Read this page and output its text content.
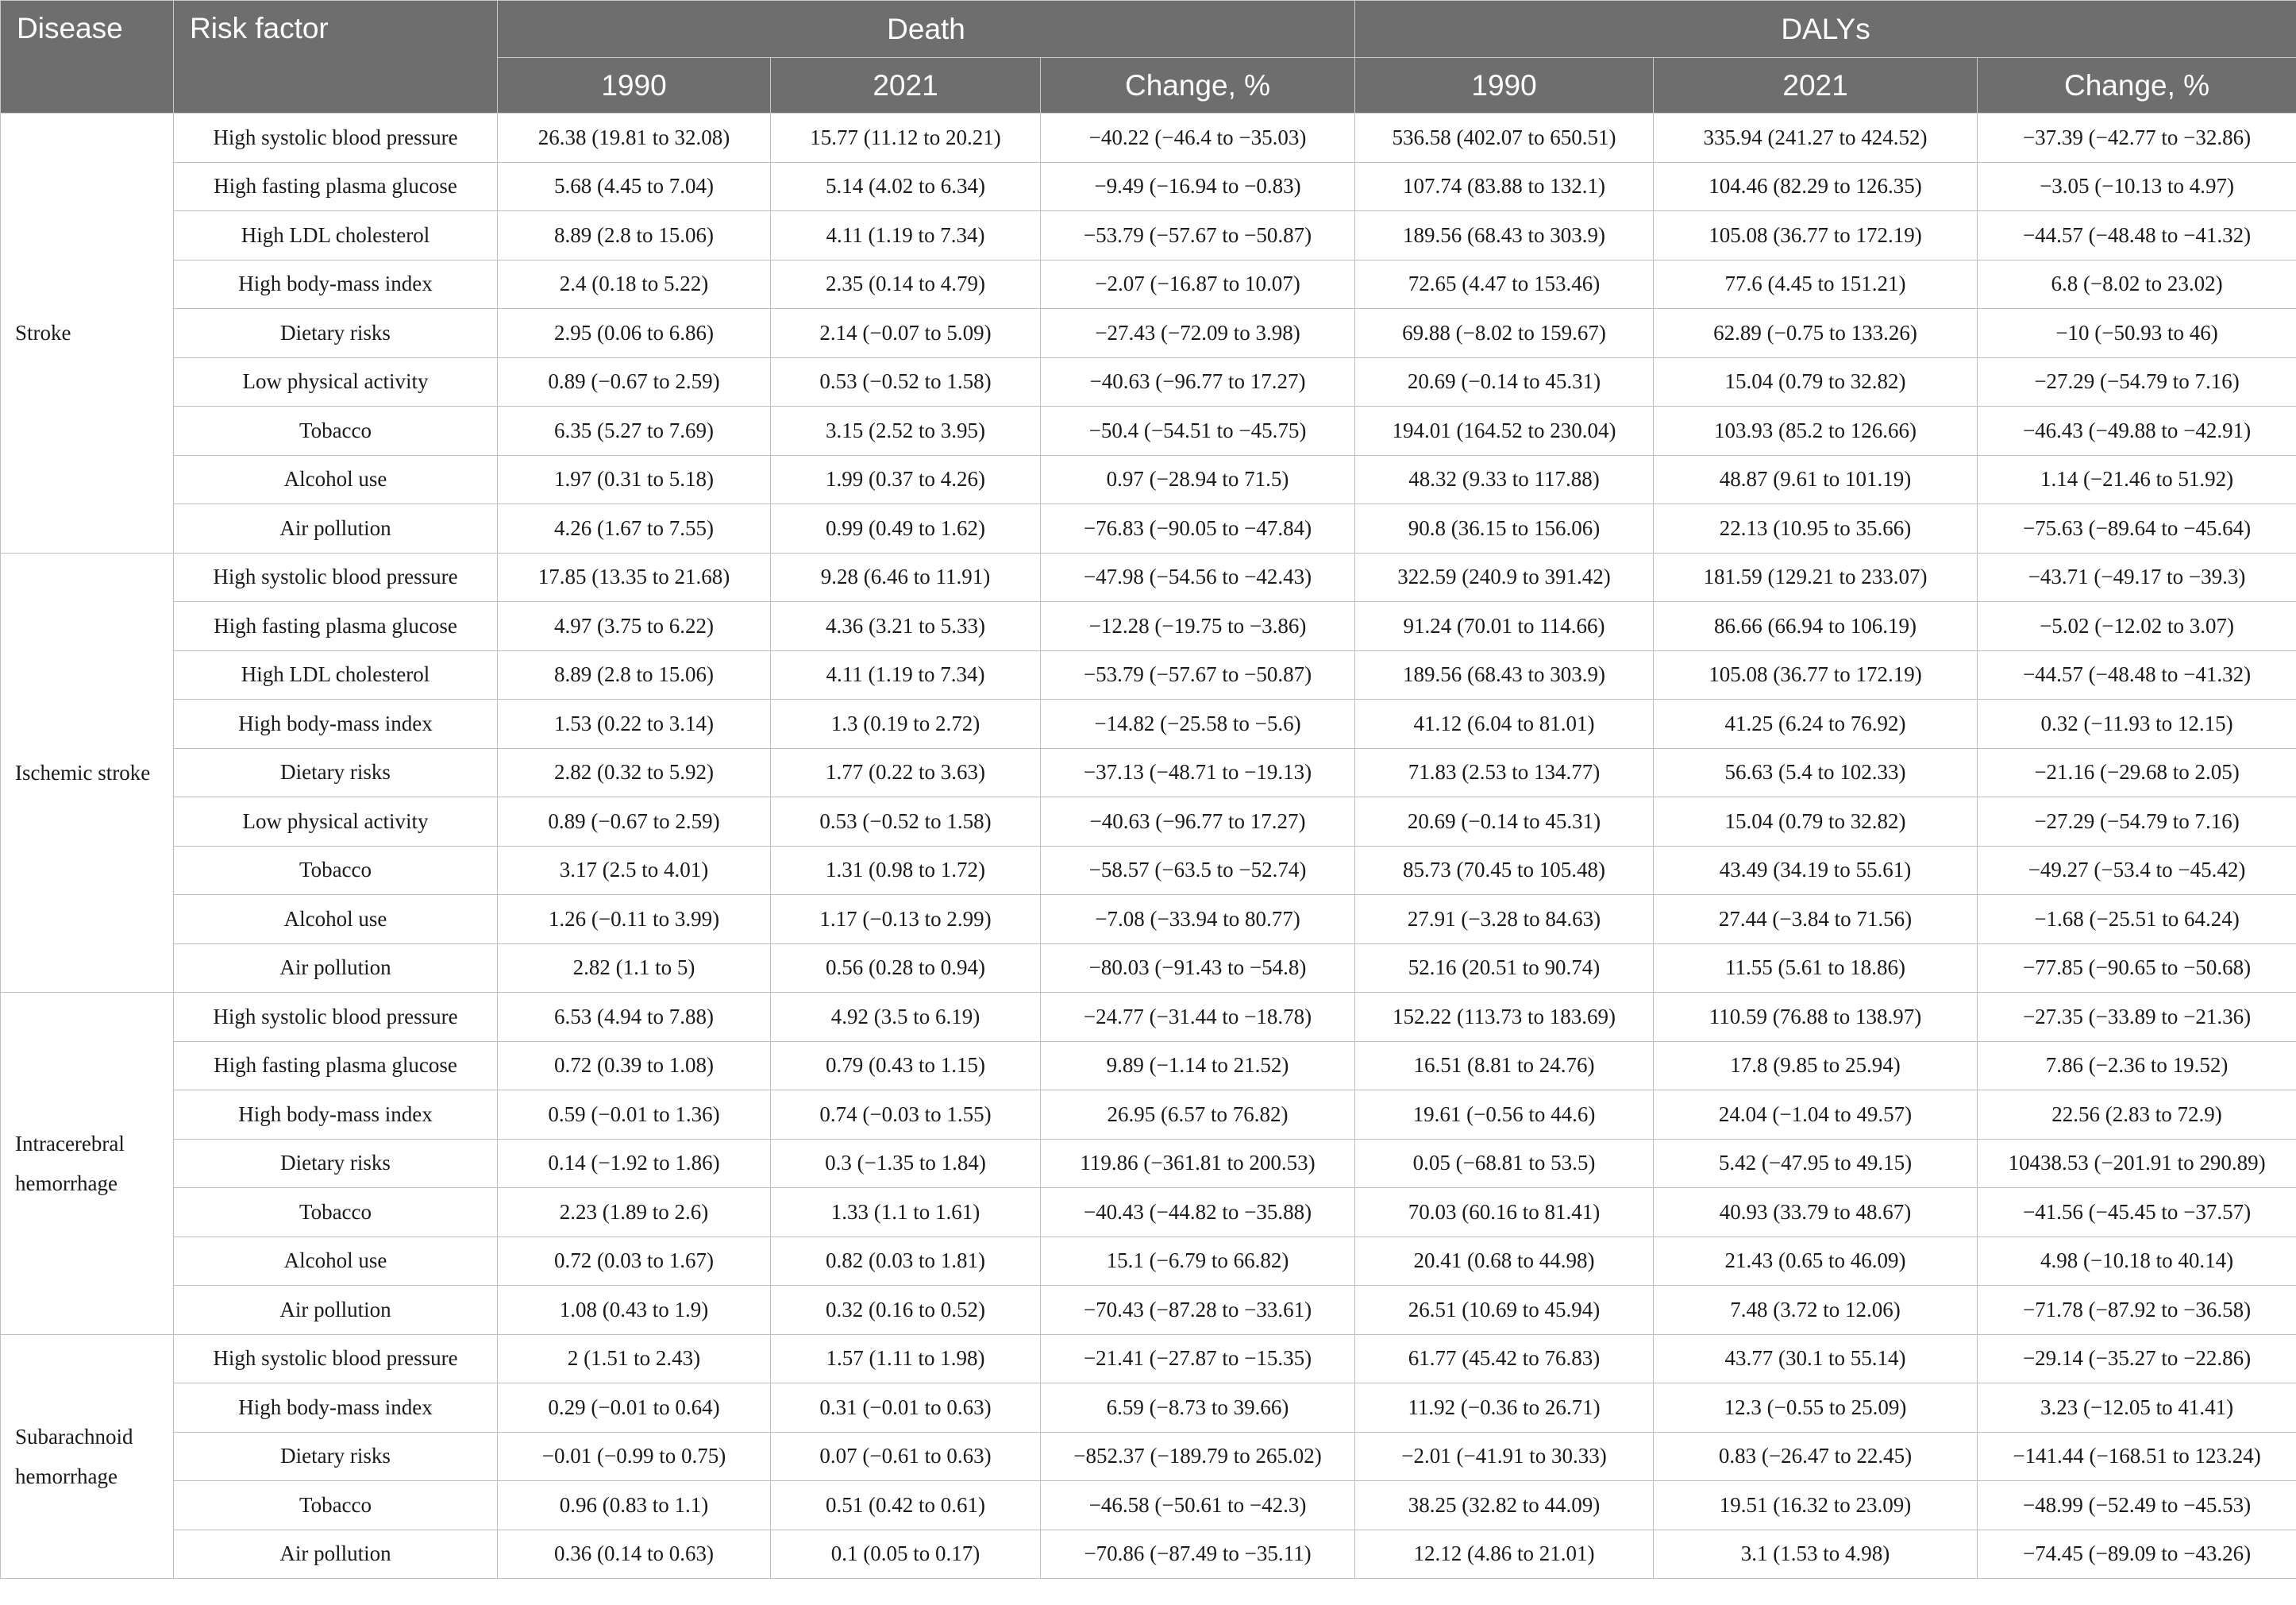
Disease	Risk factor	Death			DALYs		
		1990	2021	Change, %	1990	2021	Change, %
Stroke	High systolic blood pressure	26.38 (19.81 to 32.08)	15.77 (11.12 to 20.21)	−40.22 (−46.4 to −35.03)	536.58 (402.07 to 650.51)	335.94 (241.27 to 424.52)	−37.39 (−42.77 to −32.86)
	High fasting plasma glucose	5.68 (4.45 to 7.04)	5.14 (4.02 to 6.34)	−9.49 (−16.94 to −0.83)	107.74 (83.88 to 132.1)	104.46 (82.29 to 126.35)	−3.05 (−10.13 to 4.97)
	High LDL cholesterol	8.89 (2.8 to 15.06)	4.11 (1.19 to 7.34)	−53.79 (−57.67 to −50.87)	189.56 (68.43 to 303.9)	105.08 (36.77 to 172.19)	−44.57 (−48.48 to −41.32)
	High body-mass index	2.4 (0.18 to 5.22)	2.35 (0.14 to 4.79)	−2.07 (−16.87 to 10.07)	72.65 (4.47 to 153.46)	77.6 (4.45 to 151.21)	6.8 (−8.02 to 23.02)
	Dietary risks	2.95 (0.06 to 6.86)	2.14 (−0.07 to 5.09)	−27.43 (−72.09 to 3.98)	69.88 (−8.02 to 159.67)	62.89 (−0.75 to 133.26)	−10 (−50.93 to 46)
	Low physical activity	0.89 (−0.67 to 2.59)	0.53 (−0.52 to 1.58)	−40.63 (−96.77 to 17.27)	20.69 (−0.14 to 45.31)	15.04 (0.79 to 32.82)	−27.29 (−54.79 to 7.16)
	Tobacco	6.35 (5.27 to 7.69)	3.15 (2.52 to 3.95)	−50.4 (−54.51 to −45.75)	194.01 (164.52 to 230.04)	103.93 (85.2 to 126.66)	−46.43 (−49.88 to −42.91)
	Alcohol use	1.97 (0.31 to 5.18)	1.99 (0.37 to 4.26)	0.97 (−28.94 to 71.5)	48.32 (9.33 to 117.88)	48.87 (9.61 to 101.19)	1.14 (−21.46 to 51.92)
	Air pollution	4.26 (1.67 to 7.55)	0.99 (0.49 to 1.62)	−76.83 (−90.05 to −47.84)	90.8 (36.15 to 156.06)	22.13 (10.95 to 35.66)	−75.63 (−89.64 to −45.64)
Ischemic stroke	High systolic blood pressure	17.85 (13.35 to 21.68)	9.28 (6.46 to 11.91)	−47.98 (−54.56 to −42.43)	322.59 (240.9 to 391.42)	181.59 (129.21 to 233.07)	−43.71 (−49.17 to −39.3)
	High fasting plasma glucose	4.97 (3.75 to 6.22)	4.36 (3.21 to 5.33)	−12.28 (−19.75 to −3.86)	91.24 (70.01 to 114.66)	86.66 (66.94 to 106.19)	−5.02 (−12.02 to 3.07)
	High LDL cholesterol	8.89 (2.8 to 15.06)	4.11 (1.19 to 7.34)	−53.79 (−57.67 to −50.87)	189.56 (68.43 to 303.9)	105.08 (36.77 to 172.19)	−44.57 (−48.48 to −41.32)
	High body-mass index	1.53 (0.22 to 3.14)	1.3 (0.19 to 2.72)	−14.82 (−25.58 to −5.6)	41.12 (6.04 to 81.01)	41.25 (6.24 to 76.92)	0.32 (−11.93 to 12.15)
	Dietary risks	2.82 (0.32 to 5.92)	1.77 (0.22 to 3.63)	−37.13 (−48.71 to −19.13)	71.83 (2.53 to 134.77)	56.63 (5.4 to 102.33)	−21.16 (−29.68 to 2.05)
	Low physical activity	0.89 (−0.67 to 2.59)	0.53 (−0.52 to 1.58)	−40.63 (−96.77 to 17.27)	20.69 (−0.14 to 45.31)	15.04 (0.79 to 32.82)	−27.29 (−54.79 to 7.16)
	Tobacco	3.17 (2.5 to 4.01)	1.31 (0.98 to 1.72)	−58.57 (−63.5 to −52.74)	85.73 (70.45 to 105.48)	43.49 (34.19 to 55.61)	−49.27 (−53.4 to −45.42)
	Alcohol use	1.26 (−0.11 to 3.99)	1.17 (−0.13 to 2.99)	−7.08 (−33.94 to 80.77)	27.91 (−3.28 to 84.63)	27.44 (−3.84 to 71.56)	−1.68 (−25.51 to 64.24)
	Air pollution	2.82 (1.1 to 5)	0.56 (0.28 to 0.94)	−80.03 (−91.43 to −54.8)	52.16 (20.51 to 90.74)	11.55 (5.61 to 18.86)	−77.85 (−90.65 to −50.68)
Intracerebral hemorrhage	High systolic blood pressure	6.53 (4.94 to 7.88)	4.92 (3.5 to 6.19)	−24.77 (−31.44 to −18.78)	152.22 (113.73 to 183.69)	110.59 (76.88 to 138.97)	−27.35 (−33.89 to −21.36)
	High fasting plasma glucose	0.72 (0.39 to 1.08)	0.79 (0.43 to 1.15)	9.89 (−1.14 to 21.52)	16.51 (8.81 to 24.76)	17.8 (9.85 to 25.94)	7.86 (−2.36 to 19.52)
	High body-mass index	0.59 (−0.01 to 1.36)	0.74 (−0.03 to 1.55)	26.95 (6.57 to 76.82)	19.61 (−0.56 to 44.6)	24.04 (−1.04 to 49.57)	22.56 (2.83 to 72.9)
	Dietary risks	0.14 (−1.92 to 1.86)	0.3 (−1.35 to 1.84)	119.86 (−361.81 to 200.53)	0.05 (−68.81 to 53.5)	5.42 (−47.95 to 49.15)	10438.53 (−201.91 to 290.89)
	Tobacco	2.23 (1.89 to 2.6)	1.33 (1.1 to 1.61)	−40.43 (−44.82 to −35.88)	70.03 (60.16 to 81.41)	40.93 (33.79 to 48.67)	−41.56 (−45.45 to −37.57)
	Alcohol use	0.72 (0.03 to 1.67)	0.82 (0.03 to 1.81)	15.1 (−6.79 to 66.82)	20.41 (0.68 to 44.98)	21.43 (0.65 to 46.09)	4.98 (−10.18 to 40.14)
	Air pollution	1.08 (0.43 to 1.9)	0.32 (0.16 to 0.52)	−70.43 (−87.28 to −33.61)	26.51 (10.69 to 45.94)	7.48 (3.72 to 12.06)	−71.78 (−87.92 to −36.58)
Subarachnoid hemorrhage	High systolic blood pressure	2 (1.51 to 2.43)	1.57 (1.11 to 1.98)	−21.41 (−27.87 to −15.35)	61.77 (45.42 to 76.83)	43.77 (30.1 to 55.14)	−29.14 (−35.27 to −22.86)
	High body-mass index	0.29 (−0.01 to 0.64)	0.31 (−0.01 to 0.63)	6.59 (−8.73 to 39.66)	11.92 (−0.36 to 26.71)	12.3 (−0.55 to 25.09)	3.23 (−12.05 to 41.41)
	Dietary risks	−0.01 (−0.99 to 0.75)	0.07 (−0.61 to 0.63)	−852.37 (−189.79 to 265.02)	−2.01 (−41.91 to 30.33)	0.83 (−26.47 to 22.45)	−141.44 (−168.51 to 123.24)
	Tobacco	0.96 (0.83 to 1.1)	0.51 (0.42 to 0.61)	−46.58 (−50.61 to −42.3)	38.25 (32.82 to 44.09)	19.51 (16.32 to 23.09)	−48.99 (−52.49 to −45.53)
	Air pollution	0.36 (0.14 to 0.63)	0.1 (0.05 to 0.17)	−70.86 (−87.49 to −35.11)	12.12 (4.86 to 21.01)	3.1 (1.53 to 4.98)	−74.45 (−89.09 to −43.26)
